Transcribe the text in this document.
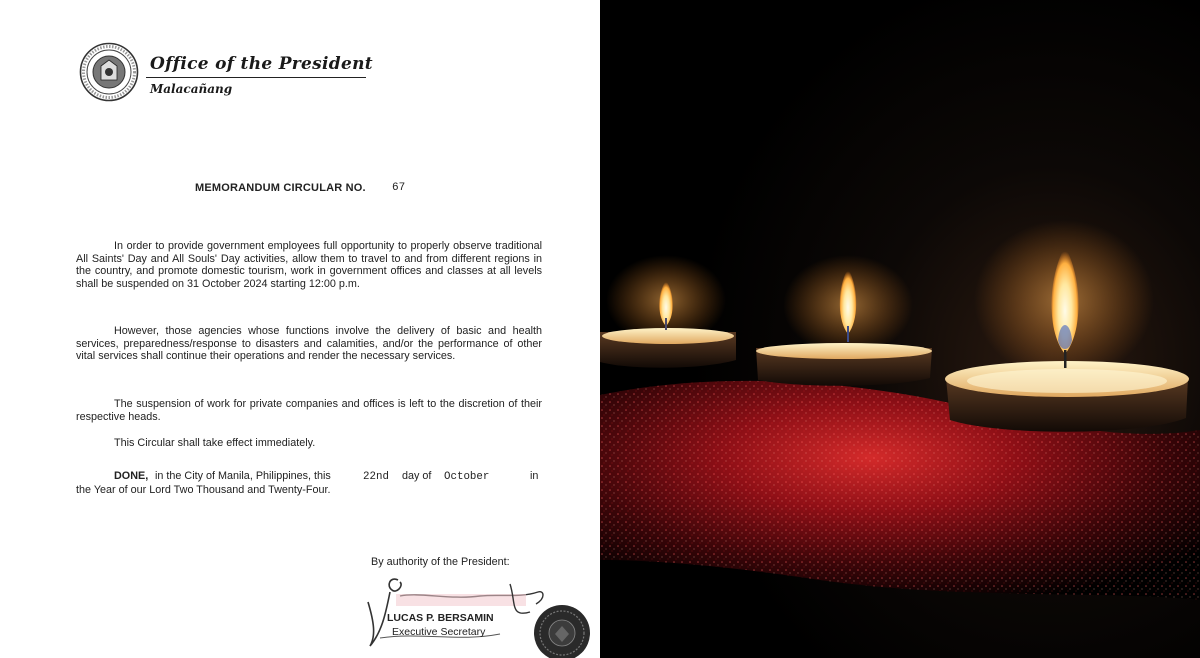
Office of the President
Malacañang
MEMORANDUM CIRCULAR NO. 67

In order to provide government employees full opportunity to properly observe traditional All Saints' Day and All Souls' Day activities, allow them to travel to and from different regions in the country, and promote domestic tourism, work in government offices and classes at all levels shall be suspended on 31 October 2024 starting 12:00 p.m.

However, those agencies whose functions involve the delivery of basic and health services, preparedness/response to disasters and calamities, and/or the performance of other vital services shall continue their operations and render the necessary services.

The suspension of work for private companies and offices is left to the discretion of their respective heads.

This Circular shall take effect immediately.

DONE, in the City of Manila, Philippines, this	22nd day of October	in
the Year of our Lord Two Thousand and Twenty-Four.
By authority of the President:
LUCAS P. BERSAMIN
Executive Secretary
